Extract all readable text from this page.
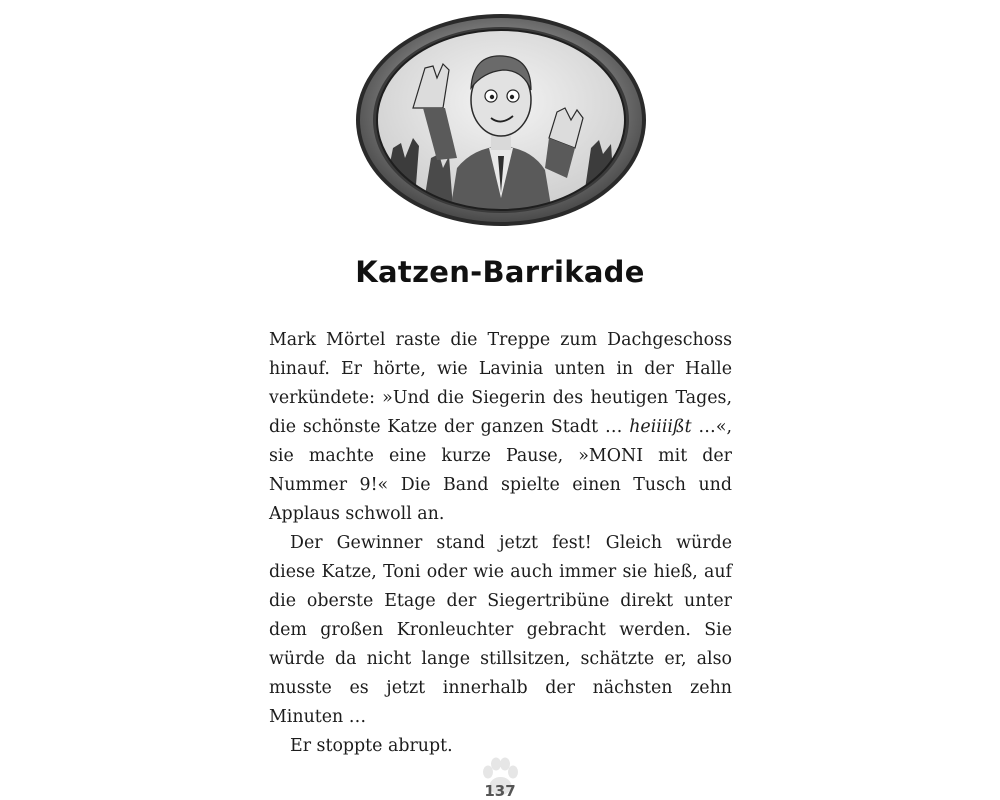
Katzen-Barrikade

Mark Mörtel raste die Treppe zum Dachgeschoss hinauf. Er hörte, wie Lavinia unten in der Halle verkündete: »Und die Siegerin des heutigen Tages, die schönste Katze der ganzen Stadt … heiiiißt …«, sie machte eine kurze Pause, »MONI mit der Nummer 9!« Die Band spielte einen Tusch und Applaus schwoll an.

Der Gewinner stand jetzt fest! Gleich würde diese Katze, Toni oder wie auch immer sie hieß, auf die oberste Etage der Siegertribüne direkt unter dem großen Kronleuchter gebracht werden. Sie würde da nicht lange stillsitzen, schätzte er, also musste es jetzt innerhalb der nächsten zehn Minuten …

Er stoppte abrupt.

137
